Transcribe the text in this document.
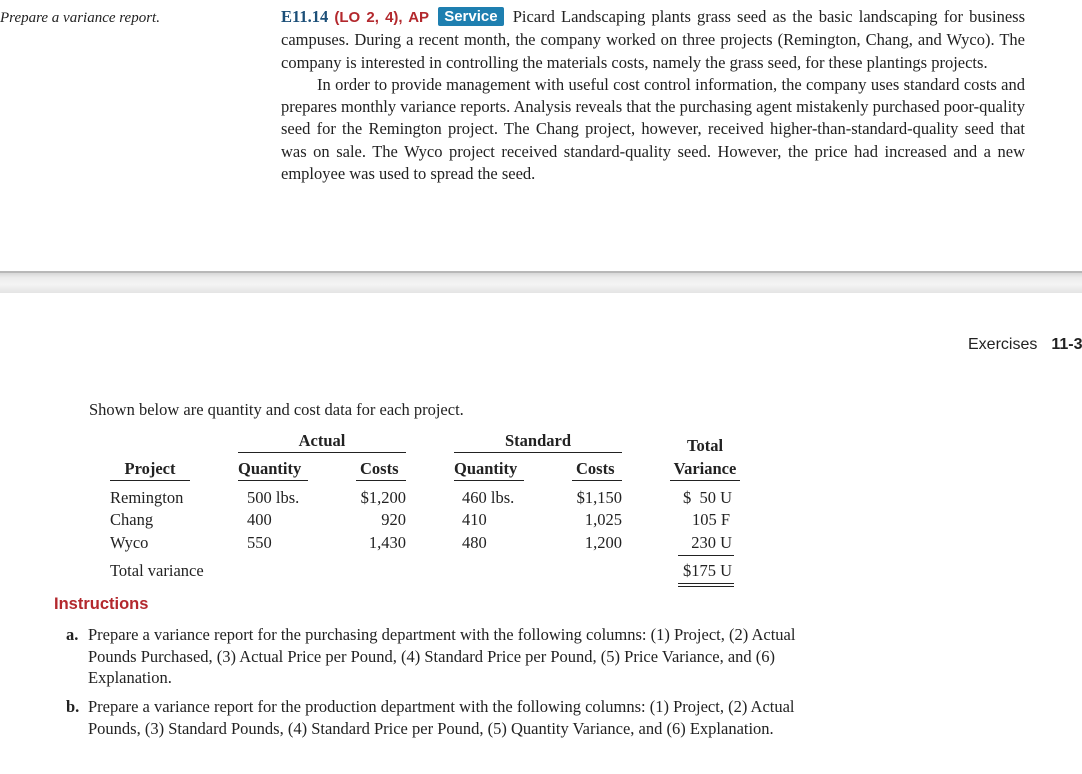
Prepare a variance report.	E11.14 (LO 2, 4), AP Service Picard Landscaping plants grass seed as the basic landscaping for business campuses. During a recent month, the company worked on three projects (Remington, Chang, and Wyco). The company is interested in controlling the materials costs, namely the grass seed, for these plantings projects.

In order to provide management with useful cost control information, the company uses standard costs and prepares monthly variance reports. Analysis reveals that the purchasing agent mistakenly purchased poor-quality seed for the Remington project. The Chang project, however, received higher-than-standard-quality seed that was on sale. The Wyco project received standard-quality seed. However, the price had increased and a new employee was used to spread the seed.

Exercises 11-3
Shown below are quantity and cost data for each project.
Actual	Standard	Total
Project	Quantity	Costs	Quantity	Costs	Variance
Remington	500 lbs.	$1,200	460 lbs.	$1,150	$  50 U
Chang	400	920	410	1,025	105 F
Wyco	550	1,430	480	1,200	230 U
Total variance	$175 U
Instructions
a. Prepare a variance report for the purchasing department with the following columns: (1) Project, (2) Actual Pounds Purchased, (3) Actual Price per Pound, (4) Standard Price per Pound, (5) Price Variance, and (6) Explanation.
b. Prepare a variance report for the production department with the following columns: (1) Project, (2) Actual Pounds, (3) Standard Pounds, (4) Standard Price per Pound, (5) Quantity Variance, and (6) Explanation.
